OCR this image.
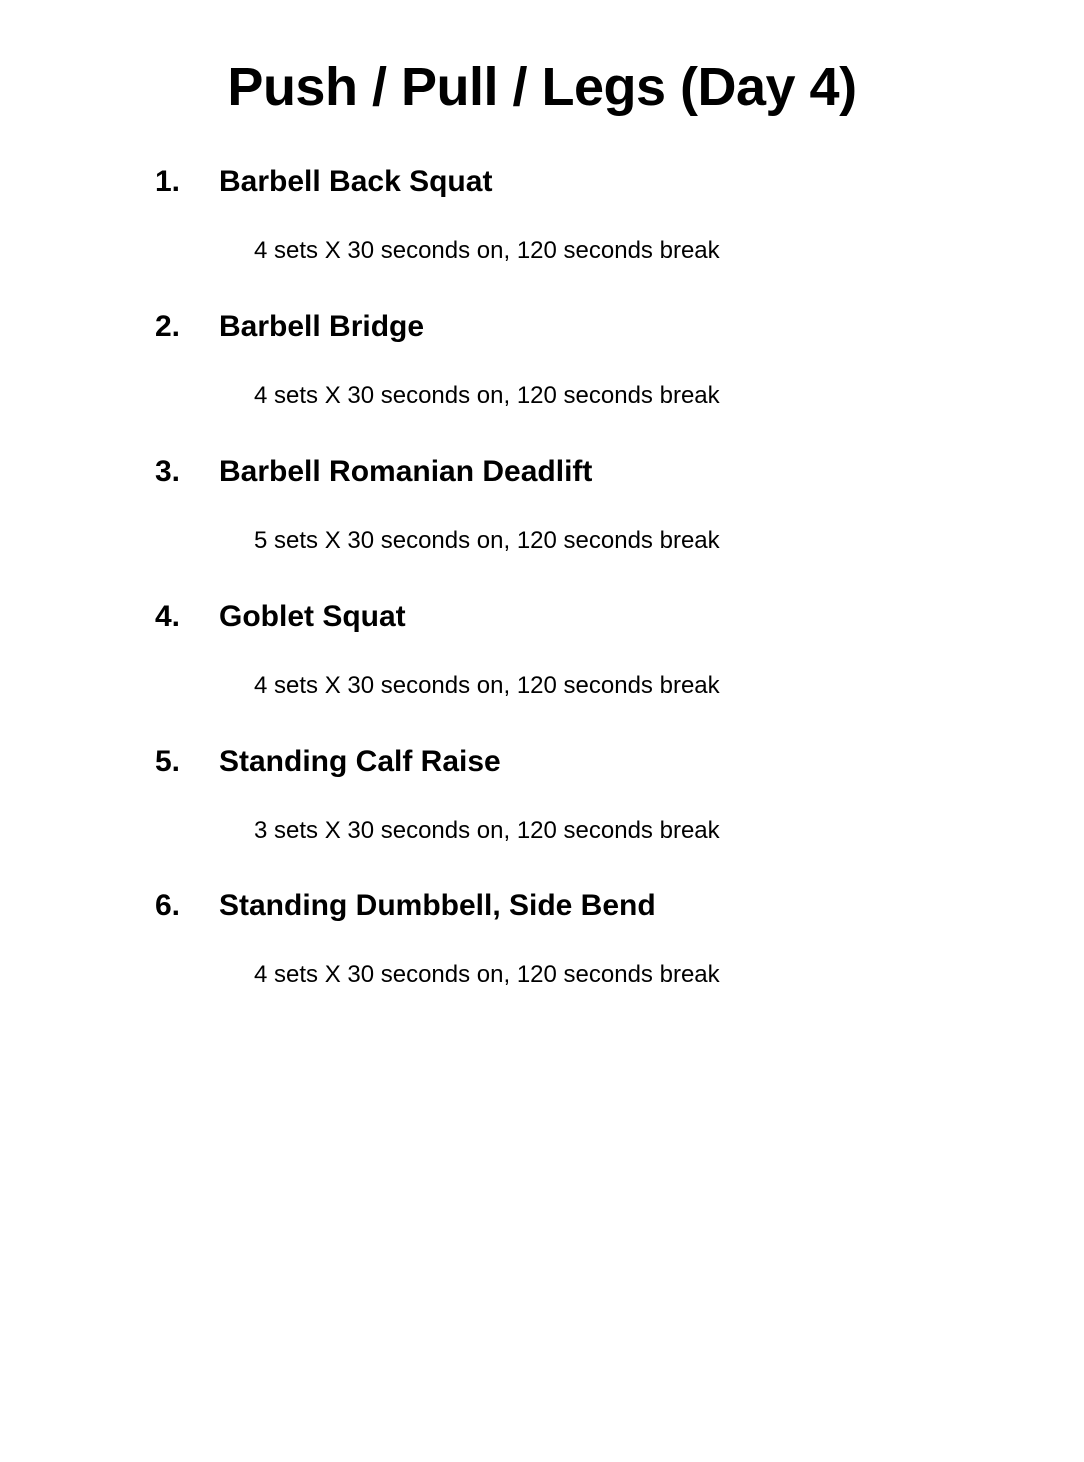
Push / Pull / Legs (Day 4)
1.	Barbell Back Squat
4 sets X 30 seconds on, 120 seconds break
2.	Barbell Bridge
4 sets X 30 seconds on, 120 seconds break
3.	Barbell Romanian Deadlift
5 sets X 30 seconds on, 120 seconds break
4.	Goblet Squat
4 sets X 30 seconds on, 120 seconds break
5.	Standing Calf Raise
3 sets X 30 seconds on, 120 seconds break
6.	Standing Dumbbell, Side Bend
4 sets X 30 seconds on, 120 seconds break
